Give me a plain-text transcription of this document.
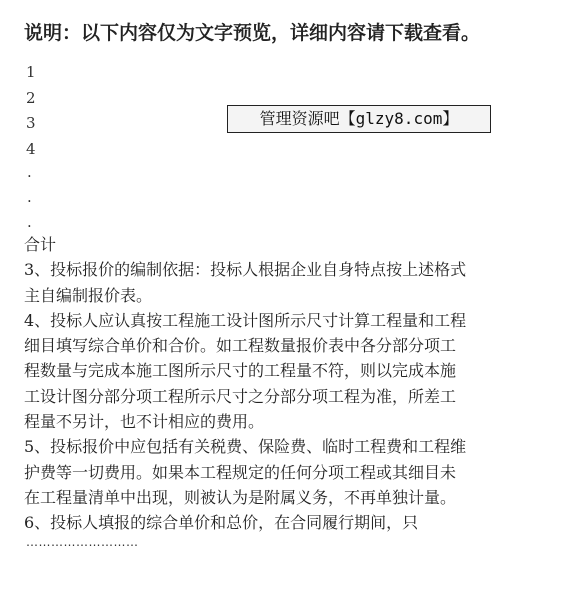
说明：以下内容仅为文字预览，详细内容请下载查看。
1
2
3
4
管理资源吧【glzy8.com】
.
.
.

合计

3、投标报价的编制依据：投标人根据企业自身特点按上述格式

主自编制报价表。

4、投标人应认真按工程施工设计图所示尺寸计算工程量和工程

细目填写综合单价和合价。如工程数量报价表中各分部分项工

程数量与完成本施工图所示尺寸的工程量不符，则以完成本施

工设计图分部分项工程所示尺寸之分部分项工程为准，所差工

程量不另计，也不计相应的费用。

5、投标报价中应包括有关税费、保险费、临时工程费和工程维

护费等一切费用。如果本工程规定的任何分项工程或其细目未

在工程量清单中出现，则被认为是附属义务，不再单独计量。

6、投标人填报的综合单价和总价，在合同履行期间，只

………………………
